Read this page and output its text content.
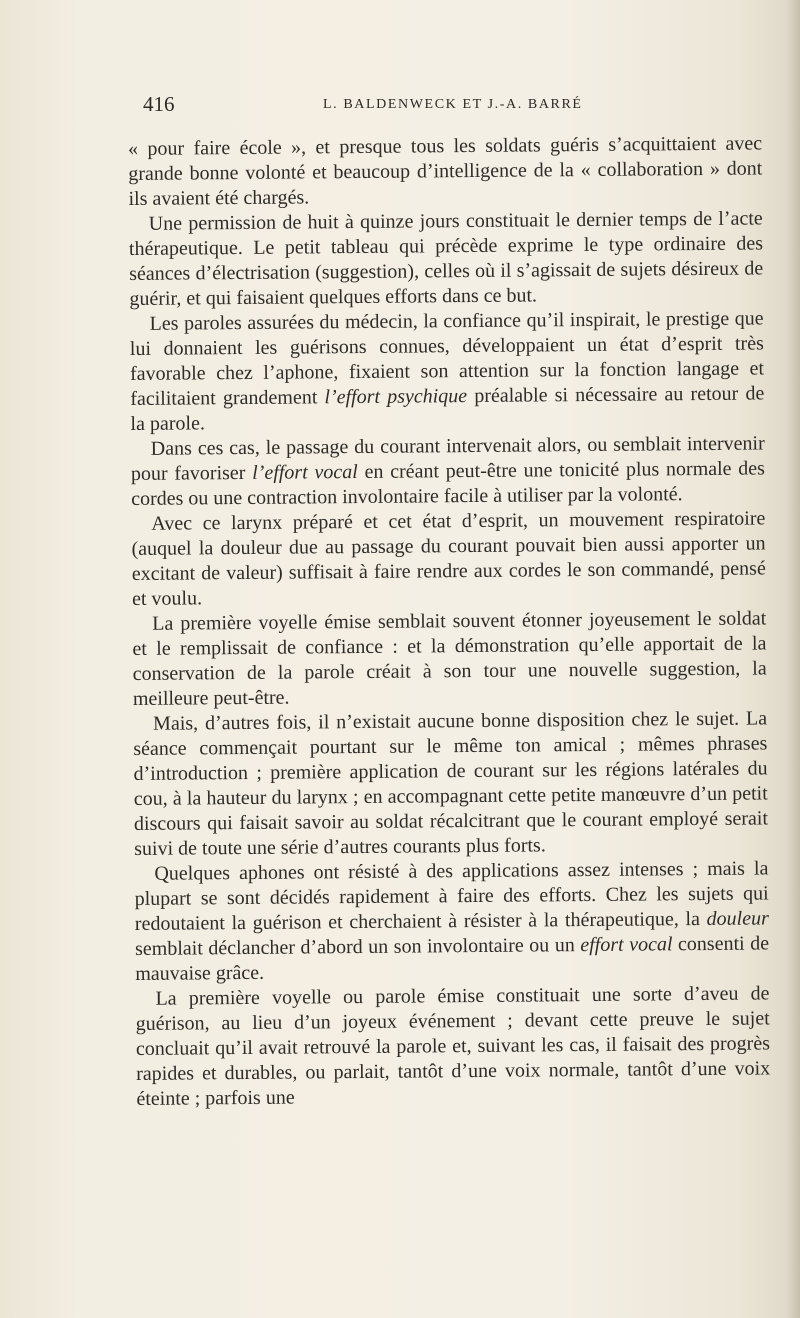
416	L. BALDENWECK ET J.-A. BARRÉ

« pour faire école », et presque tous les soldats guéris s’acquittaient avec grande bonne volonté et beaucoup d’intelligence de la « collaboration » dont ils avaient été chargés.

Une permission de huit à quinze jours constituait le dernier temps de l’acte thérapeutique. Le petit tableau qui précède exprime le type ordinaire des séances d’électrisation (suggestion), celles où il s’agissait de sujets désireux de guérir, et qui faisaient quelques efforts dans ce but.

Les paroles assurées du médecin, la confiance qu’il inspirait, le prestige que lui donnaient les guérisons connues, développaient un état d’esprit très favorable chez l’aphone, fixaient son attention sur la fonction langage et facilitaient grandement l’effort psychique préalable si nécessaire au retour de la parole.

Dans ces cas, le passage du courant intervenait alors, ou semblait intervenir pour favoriser l’effort vocal en créant peut-être une tonicité plus normale des cordes ou une contraction involontaire facile à utiliser par la volonté.

Avec ce larynx préparé et cet état d’esprit, un mouvement respiratoire (auquel la douleur due au passage du courant pouvait bien aussi apporter un excitant de valeur) suffisait à faire rendre aux cordes le son commandé, pensé et voulu.

La première voyelle émise semblait souvent étonner joyeusement le soldat et le remplissait de confiance : et la démonstration qu’elle apportait de la conservation de la parole créait à son tour une nouvelle suggestion, la meilleure peut-être.

Mais, d’autres fois, il n’existait aucune bonne disposition chez le sujet. La séance commençait pourtant sur le même ton amical ; mêmes phrases d’introduction ; première application de courant sur les régions latérales du cou, à la hauteur du larynx ; en accompagnant cette petite manœuvre d’un petit discours qui faisait savoir au soldat récalcitrant que le courant employé serait suivi de toute une série d’autres courants plus forts.

Quelques aphones ont résisté à des applications assez intenses ; mais la plupart se sont décidés rapidement à faire des efforts. Chez les sujets qui redoutaient la guérison et cherchaient à résister à la thérapeutique, la douleur semblait déclancher d’abord un son involontaire ou un effort vocal consenti de mauvaise grâce.

La première voyelle ou parole émise constituait une sorte d’aveu de guérison, au lieu d’un joyeux événement ; devant cette preuve le sujet concluait qu’il avait retrouvé la parole et, suivant les cas, il faisait des progrès rapides et durables, ou parlait, tantôt d’une voix normale, tantôt d’une voix éteinte ; parfois une
